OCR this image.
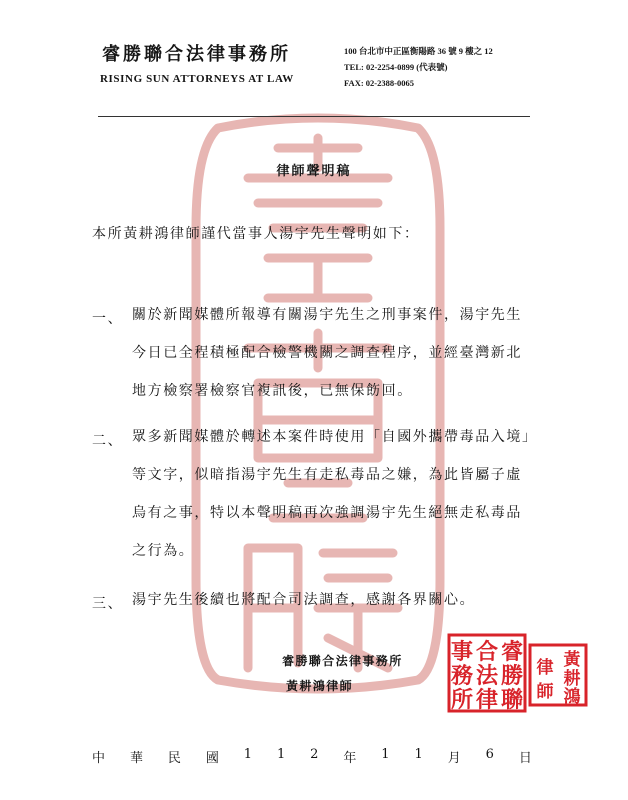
睿勝聯合法律事務所
RISING SUN ATTORNEYS AT LAW
100 台北市中正區衡陽路 36 號 9 樓之 12
TEL: 02-2254-0899 (代表號)
FAX: 02-2388-0065
律師聲明稿
本所黃耕鴻律師謹代當事人湯宇先生聲明如下：
一、 關於新聞媒體所報導有關湯宇先生之刑事案件，湯宇先生今日已全程積極配合檢警機關之調查程序，並經臺灣新北地方檢察署檢察官複訊後，已無保飭回。
二、 眾多新聞媒體於轉述本案件時使用「自國外攜帶毒品入境」等文字，似暗指湯宇先生有走私毒品之嫌，為此皆屬子虛烏有之事，特以本聲明稿再次強調湯宇先生絕無走私毒品之行為。
三、 湯宇先生後續也將配合司法調查，感謝各界關心。
睿勝聯合法律事務所
黃耕鴻律師
睿
勝
聯
合
法
律
事
務
所
黃
耕
鴻
律
師
中 華 民 國 1 1 2 年 1 1 月 6 日
